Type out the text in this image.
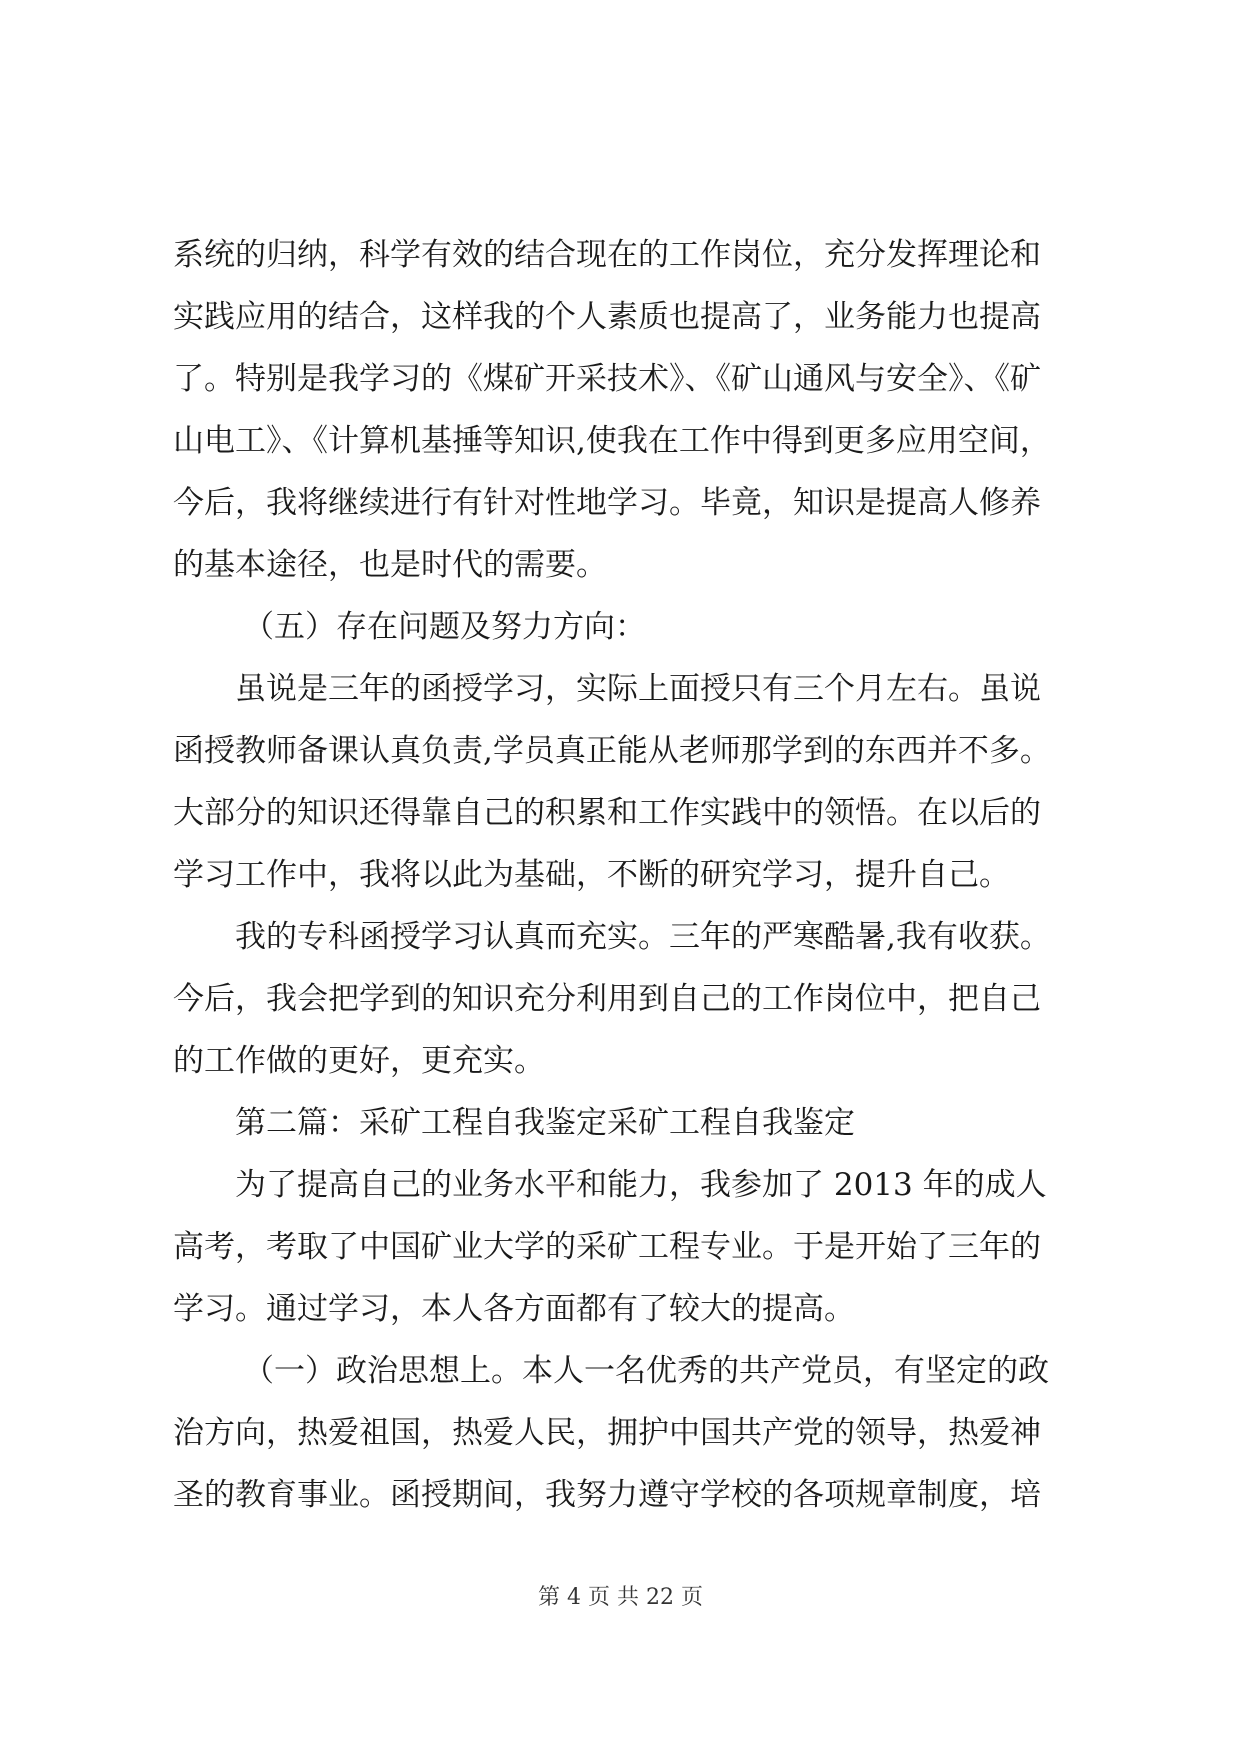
系统的归纳，科学有效的结合现在的工作岗位，充分发挥理论和
实践应用的结合，这样我的个人素质也提高了，业务能力也提高
了。特别是我学习的《煤矿开采技术》、《矿山通风与安全》、《矿
山电工》、《计算机基捶等知识,使我在工作中得到更多应用空间，
今后，我将继续进行有针对性地学习。毕竟，知识是提高人修养
的基本途径，也是时代的需要。
（五）存在问题及努力方向：
虽说是三年的函授学习，实际上面授只有三个月左右。虽说
函授教师备课认真负责,学员真正能从老师那学到的东西并不多。
大部分的知识还得靠自己的积累和工作实践中的领悟。在以后的
学习工作中，我将以此为基础，不断的研究学习，提升自己。
我的专科函授学习认真而充实。三年的严寒酷暑,我有收获。
今后，我会把学到的知识充分利用到自己的工作岗位中，把自己
的工作做的更好，更充实。
第二篇：采矿工程自我鉴定采矿工程自我鉴定
为了提高自己的业务水平和能力，我参加了 2013 年的成人
高考，考取了中国矿业大学的采矿工程专业。于是开始了三年的
学习。通过学习，本人各方面都有了较大的提高。
（一）政治思想上。本人一名优秀的共产党员，有坚定的政
治方向，热爱祖国，热爱人民，拥护中国共产党的领导，热爱神
圣的教育事业。函授期间，我努力遵守学校的各项规章制度，培
第 4 页 共 22 页
